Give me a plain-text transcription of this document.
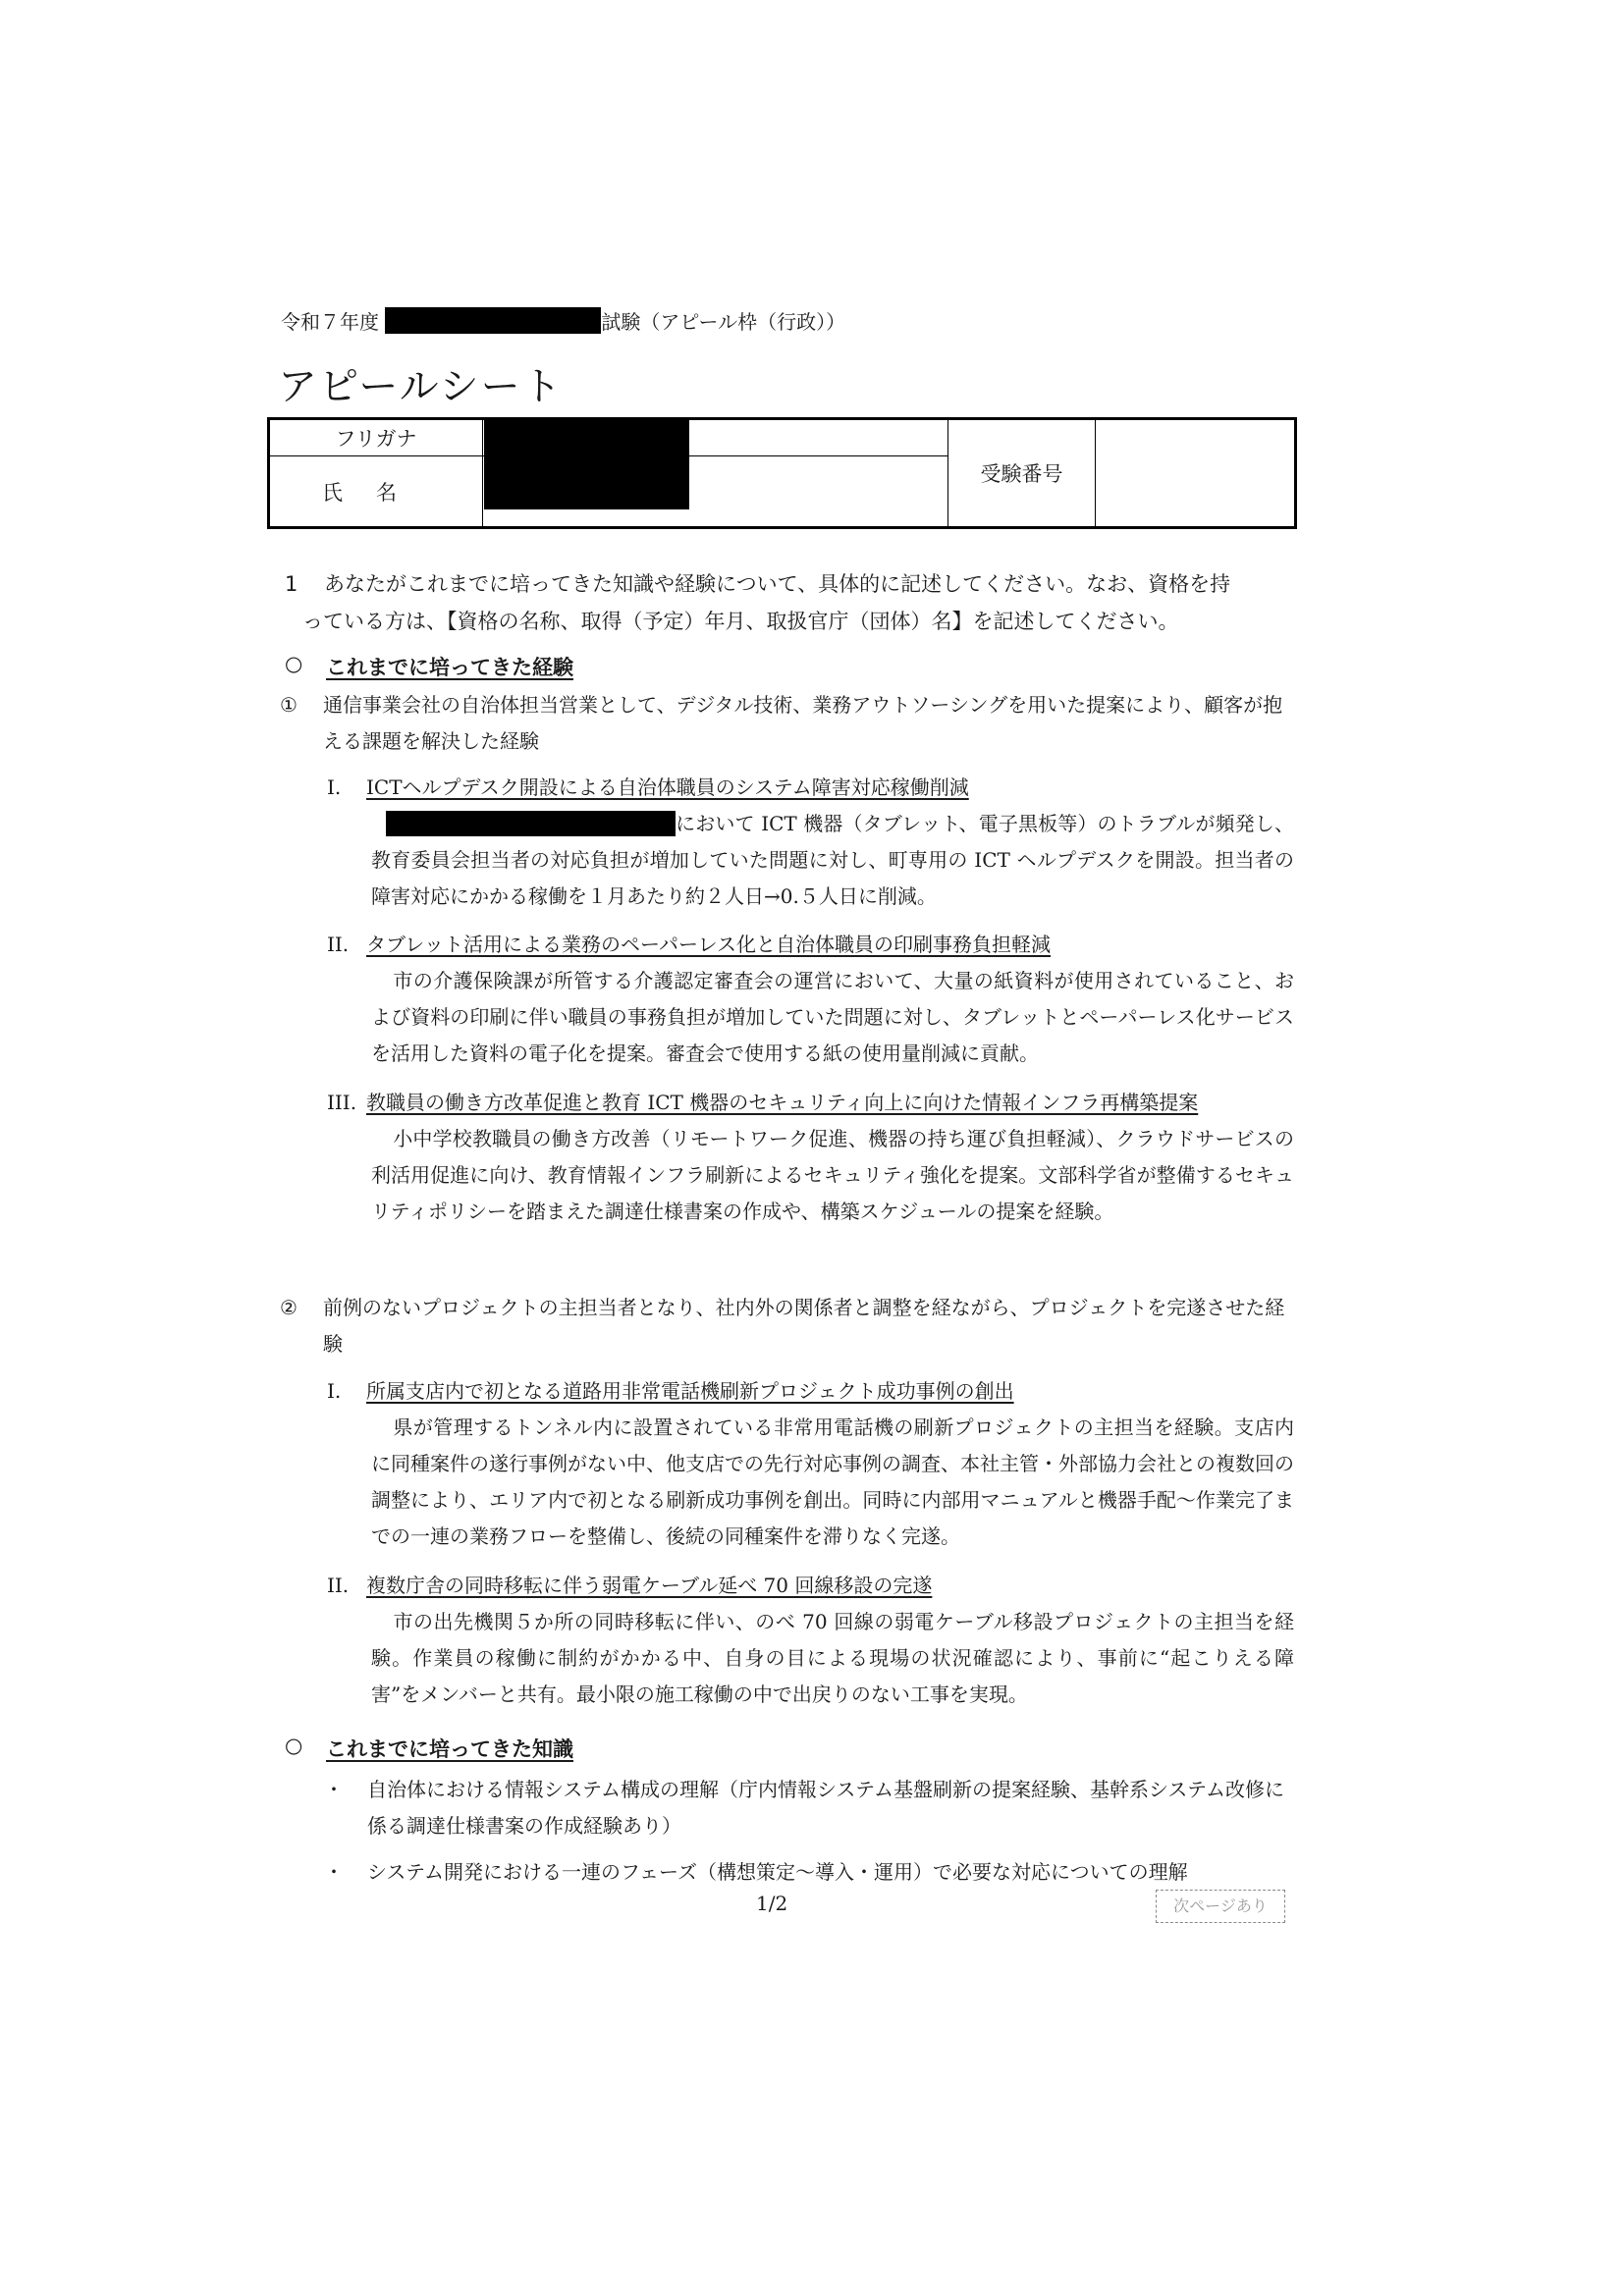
令和７年度	試験（アピール枠（行政））
アピールシート
フリガナ		受験番号	
氏名			
1	あなたがこれまでに培ってきた知識や経験について、具体的に記述してください。なお、資格を持
っている方は、【資格の名称、取得（予定）年月、取扱官庁（団体）名】を記述してください。
○ これまでに培ってきた経験
① 通信事業会社の自治体担当営業として、デジタル技術、業務アウトソーシングを用いた提案により、顧客が抱える課題を解決した経験
I. ICTヘルプデスク開設による自治体職員のシステム障害対応稼働削減
において ICT 機器（タブレット、電子黒板等）のトラブルが頻発し、教育委員会担当者の対応負担が増加していた問題に対し、町専用の ICT ヘルプデスクを開設。担当者の障害対応にかかる稼働を１月あたり約２人日→0.５人日に削減。
II. タブレット活用による業務のペーパーレス化と自治体職員の印刷事務負担軽減
市の介護保険課が所管する介護認定審査会の運営において、大量の紙資料が使用されていること、および資料の印刷に伴い職員の事務負担が増加していた問題に対し、タブレットとペーパーレス化サービスを活用した資料の電子化を提案。審査会で使用する紙の使用量削減に貢献。
III. 教職員の働き方改革促進と教育 ICT 機器のセキュリティ向上に向けた情報インフラ再構築提案
小中学校教職員の働き方改善（リモートワーク促進、機器の持ち運び負担軽減）、クラウドサービスの利活用促進に向け、教育情報インフラ刷新によるセキュリティ強化を提案。文部科学省が整備するセキュリティポリシーを踏まえた調達仕様書案の作成や、構築スケジュールの提案を経験。
② 前例のないプロジェクトの主担当者となり、社内外の関係者と調整を経ながら、プロジェクトを完遂させた経験
I. 所属支店内で初となる道路用非常電話機刷新プロジェクト成功事例の創出
県が管理するトンネル内に設置されている非常用電話機の刷新プロジェクトの主担当を経験。支店内に同種案件の遂行事例がない中、他支店での先行対応事例の調査、本社主管・外部協力会社との複数回の調整により、エリア内で初となる刷新成功事例を創出。同時に内部用マニュアルと機器手配～作業完了までの一連の業務フローを整備し、後続の同種案件を滞りなく完遂。
II. 複数庁舎の同時移転に伴う弱電ケーブル延べ 70 回線移設の完遂
市の出先機関５か所の同時移転に伴い、のべ 70 回線の弱電ケーブル移設プロジェクトの主担当を経験。作業員の稼働に制約がかかる中、自身の目による現場の状況確認により、事前に“起こりえる障害”をメンバーと共有。最小限の施工稼働の中で出戻りのない工事を実現。
○ これまでに培ってきた知識
・ 自治体における情報システム構成の理解（庁内情報システム基盤刷新の提案経験、基幹系システム改修に係る調達仕様書案の作成経験あり）
・ システム開発における一連のフェーズ（構想策定～導入・運用）で必要な対応についての理解
1/2	次ページあり
